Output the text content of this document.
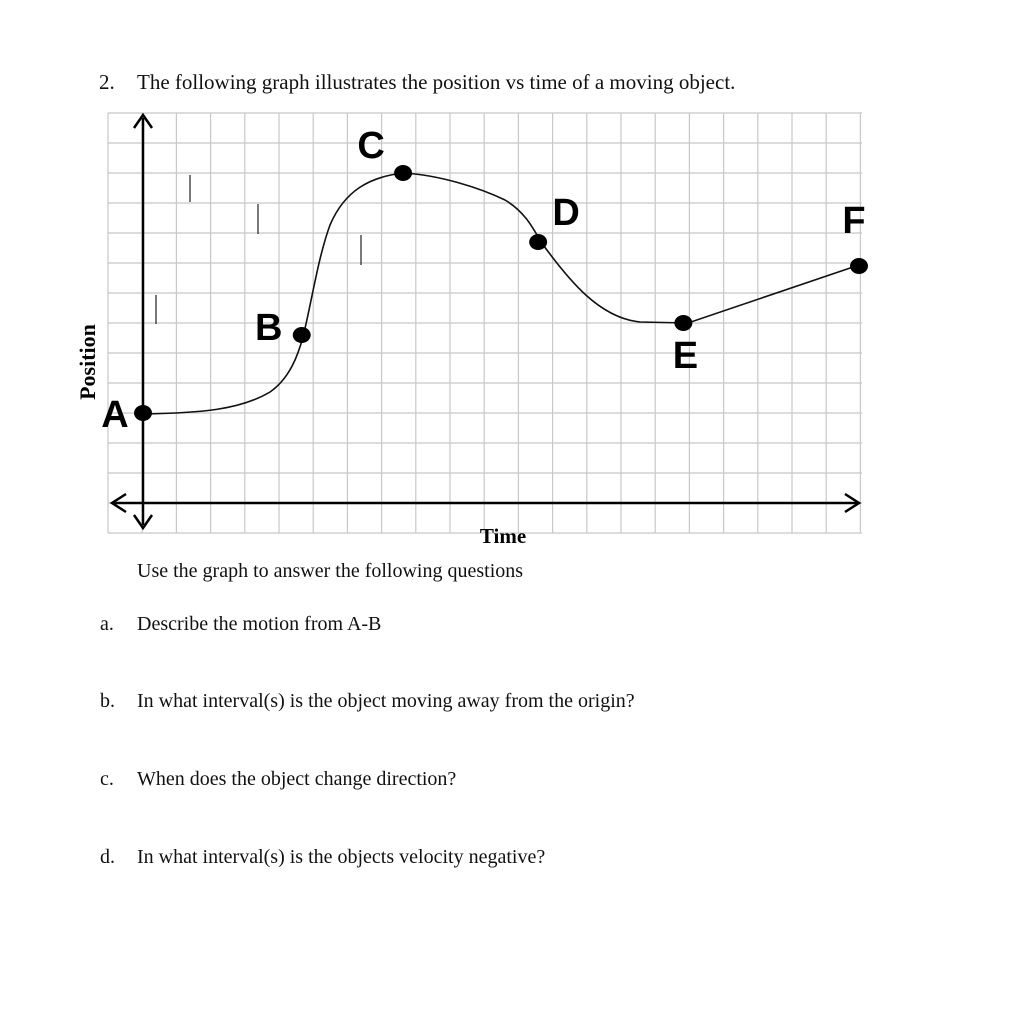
2. The following graph illustrates the position vs time of a moving object.
A
B
C
D
E
F
Position
Time
Use the graph to answer the following questions
a. Describe the motion from A-B
b. In what interval(s) is the object moving away from the origin?
c. When does the object change direction?
d. In what interval(s) is the objects velocity negative?
